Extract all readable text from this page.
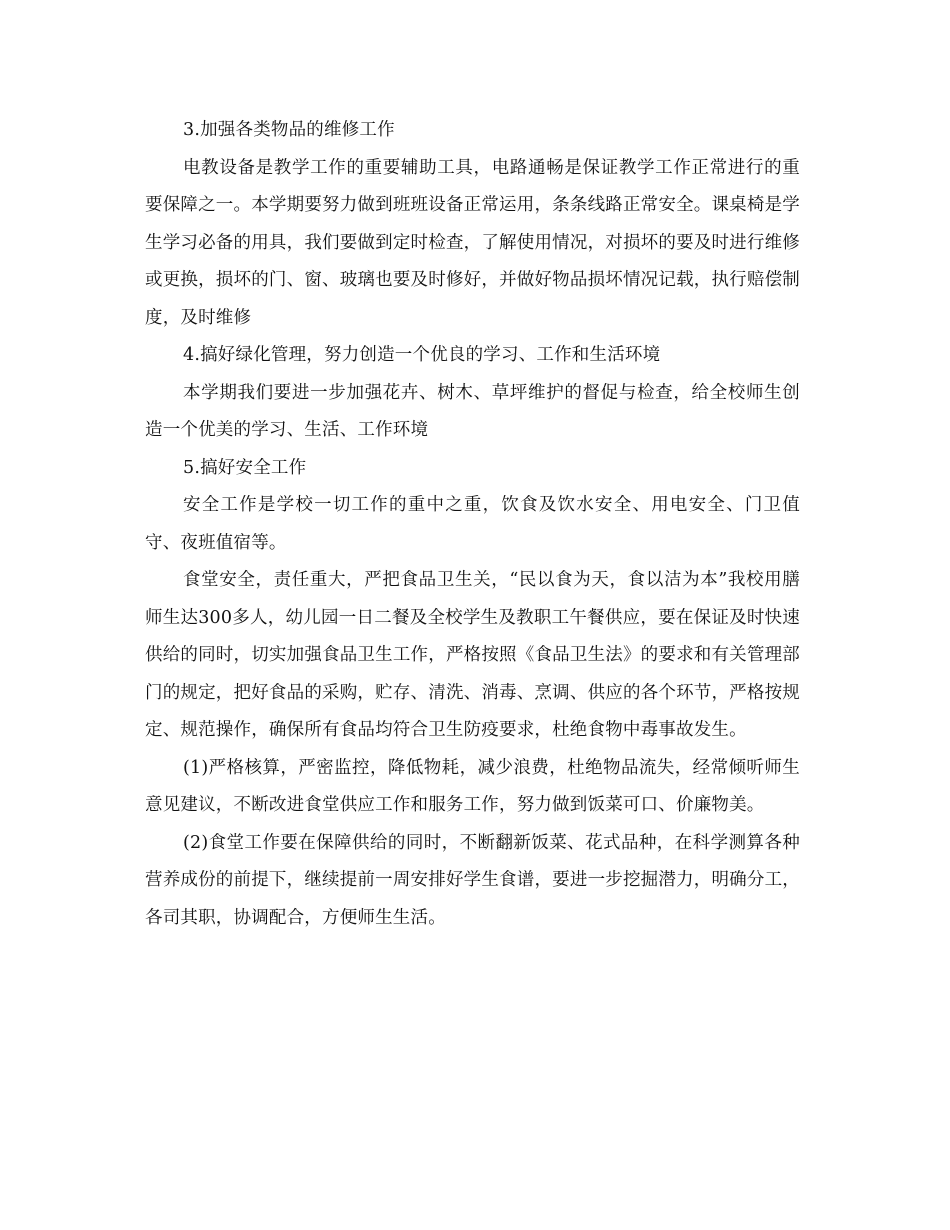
3.加强各类物品的维修工作

电教设备是教学工作的重要辅助工具，电路通畅是保证教学工作正常进行的重要保障之一。本学期要努力做到班班设备正常运用，条条线路正常安全。课桌椅是学生学习必备的用具，我们要做到定时检查，了解使用情况，对损坏的要及时进行维修或更换，损坏的门、窗、玻璃也要及时修好，并做好物品损坏情况记载，执行赔偿制度，及时维修

4.搞好绿化管理，努力创造一个优良的学习、工作和生活环境

本学期我们要进一步加强花卉、树木、草坪维护的督促与检查，给全校师生创造一个优美的学习、生活、工作环境

5.搞好安全工作

安全工作是学校一切工作的重中之重，饮食及饮水安全、用电安全、门卫值守、夜班值宿等。

食堂安全，责任重大，严把食品卫生关，“民以食为天，食以洁为本”我校用膳师生达300多人，幼儿园一日二餐及全校学生及教职工午餐供应，要在保证及时快速供给的同时，切实加强食品卫生工作，严格按照《食品卫生法》的要求和有关管理部门的规定，把好食品的采购，贮存、清洗、消毒、烹调、供应的各个环节，严格按规定、规范操作，确保所有食品均符合卫生防疫要求，杜绝食物中毒事故发生。

(1)严格核算，严密监控，降低物耗，减少浪费，杜绝物品流失，经常倾听师生意见建议，不断改进食堂供应工作和服务工作，努力做到饭菜可口、价廉物美。

(2)食堂工作要在保障供给的同时，不断翻新饭菜、花式品种，在科学测算各种营养成份的前提下，继续提前一周安排好学生食谱，要进一步挖掘潜力，明确分工，各司其职，协调配合，方便师生生活。
